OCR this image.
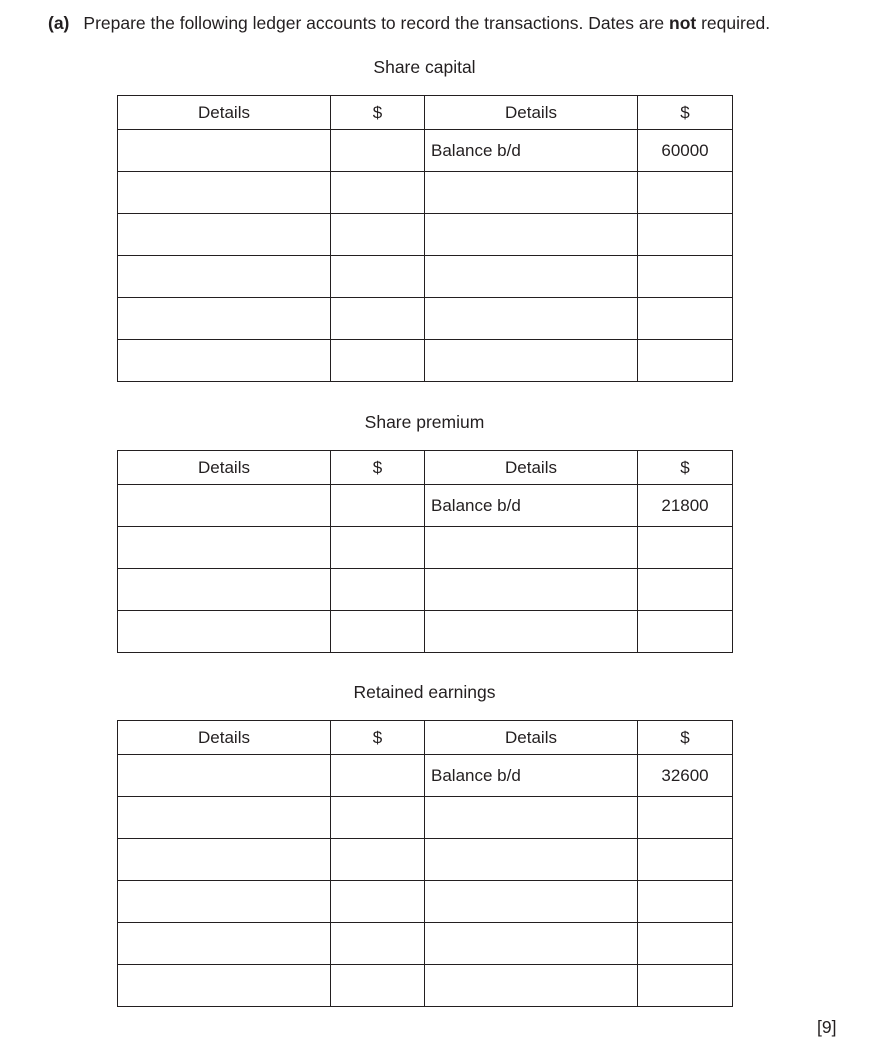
(a) Prepare the following ledger accounts to record the transactions. Dates are not required.
Share capital
Details	$	Details	$
		Balance b/d	60000

Share premium
Details	$	Details	$
		Balance b/d	21800

Retained earnings
Details	$	Details	$
		Balance b/d	32600

[9]
